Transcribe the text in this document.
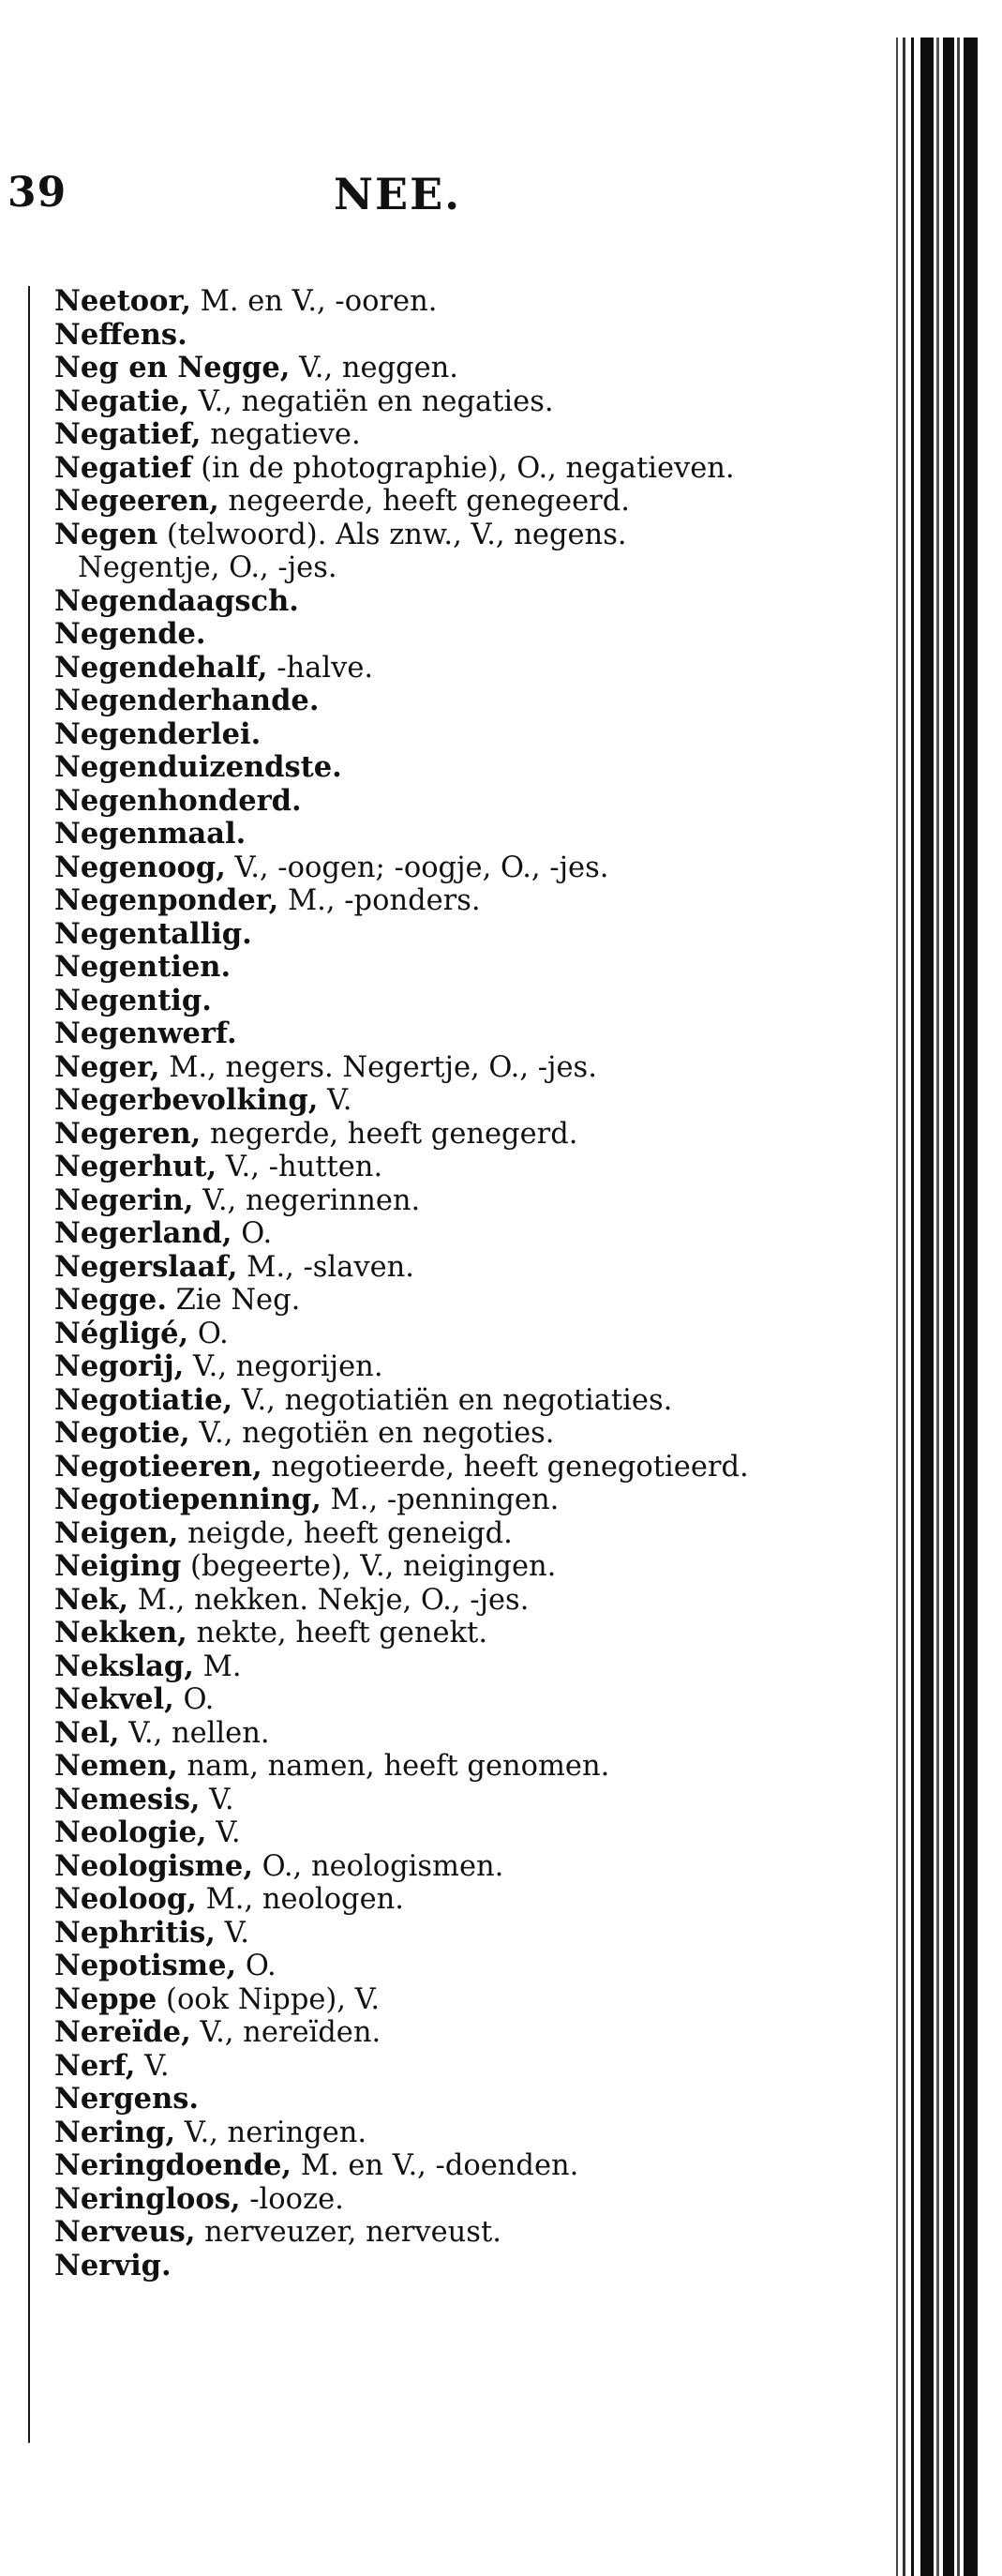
39	NEE.
Neetoor, M. en V., -ooren.
Neffens.
Neg en Negge, V., neggen.
Negatie, V., negatiën en negaties.
Negatief, negatieve.
Negatief (in de photographie), O., negatieven.
Negeeren, negeerde, heeft genegeerd.
Negen (telwoord). Als znw., V., negens. Negentje, O., -jes.
Negendaagsch.
Negende.
Negendehalf, -halve.
Negenderhande.
Negenderlei.
Negenduizendste.
Negenhonderd.
Negenmaal.
Negenoog, V., -oogen; -oogje, O., -jes.
Negenponder, M., -ponders.
Negentallig.
Negentien.
Negentig.
Negenwerf.
Neger, M., negers. Negertje, O., -jes.
Negerbevolking, V.
Negeren, negerde, heeft genegerd.
Negerhut, V., -hutten.
Negerin, V., negerinnen.
Negerland, O.
Negerslaaf, M., -slaven.
Negge. Zie Neg.
Négligé, O.
Negorij, V., negorijen.
Negotiatie, V., negotiatiën en negotiaties.
Negotie, V., negotiën en negoties.
Negotieeren, negotieerde, heeft genegotieerd.
Negotiepenning, M., -penningen.
Neigen, neigde, heeft geneigd.
Neiging (begeerte), V., neigingen.
Nek, M., nekken. Nekje, O., -jes.
Nekken, nekte, heeft genekt.
Nekslag, M.
Nekvel, O.
Nel, V., nellen.
Nemen, nam, namen, heeft genomen.
Nemesis, V.
Neologie, V.
Neologisme, O., neologismen.
Neoloog, M., neologen.
Nephritis, V.
Nepotisme, O.
Neppe (ook Nippe), V.
Nereïde, V., nereïden.
Nerf, V.
Nergens.
Nering, V., neringen.
Neringdoende, M. en V., -doenden.
Neringloos, -looze.
Nerveus, nerveuzer, nerveust.
Nervig.
